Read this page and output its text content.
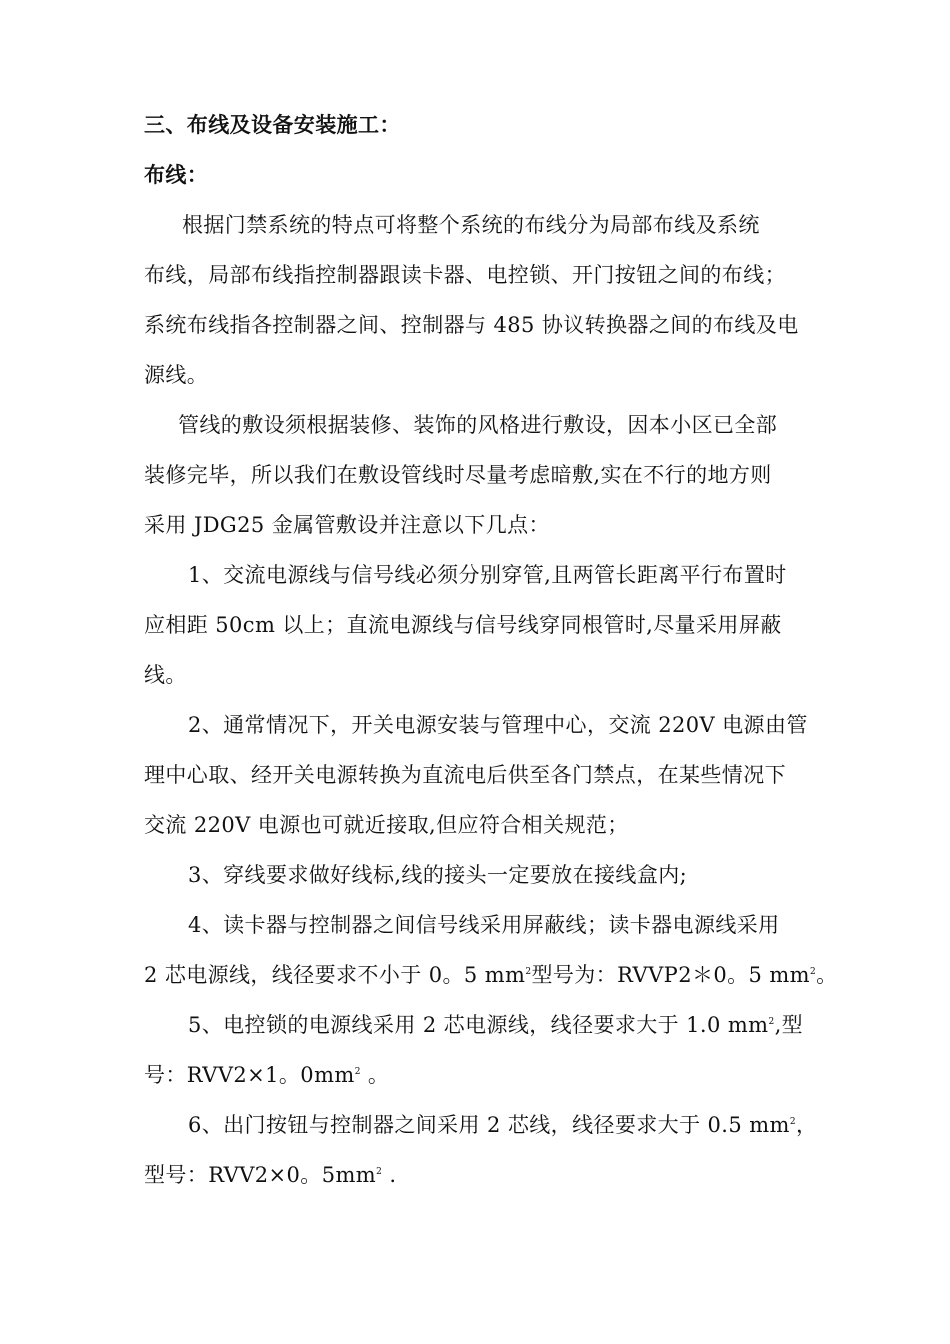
三、布线及设备安装施工：
布线：
根据门禁系统的特点可将整个系统的布线分为局部布线及系统
布线，局部布线指控制器跟读卡器、电控锁、开门按钮之间的布线；
系统布线指各控制器之间、控制器与 485 协议转换器之间的布线及电
源线。
管线的敷设须根据装修、装饰的风格进行敷设，因本小区已全部
装修完毕，所以我们在敷设管线时尽量考虑暗敷,实在不行的地方则
采用 JDG25 金属管敷设并注意以下几点：
1、交流电源线与信号线必须分别穿管,且两管长距离平行布置时
应相距 50cm 以上；直流电源线与信号线穿同根管时,尽量采用屏蔽
线。
2、通常情况下，开关电源安装与管理中心，交流 220V 电源由管
理中心取、经开关电源转换为直流电后供至各门禁点，在某些情况下
交流 220V 电源也可就近接取,但应符合相关规范；
3、穿线要求做好线标,线的接头一定要放在接线盒内;
4、读卡器与控制器之间信号线采用屏蔽线；读卡器电源线采用
2 芯电源线，线径要求不小于 0。5 $mm^2$型号为：RVVP2＊0。5 $mm^2$。
5、电控锁的电源线采用 2 芯电源线，线径要求大于 1.0 $mm^2$,型
号：RVV2×1。$0mm^2$ 。
6、出门按钮与控制器之间采用 2 芯线，线径要求大于 0.5 $mm^2$，
型号：RVV2×0。$5mm^2$ .
